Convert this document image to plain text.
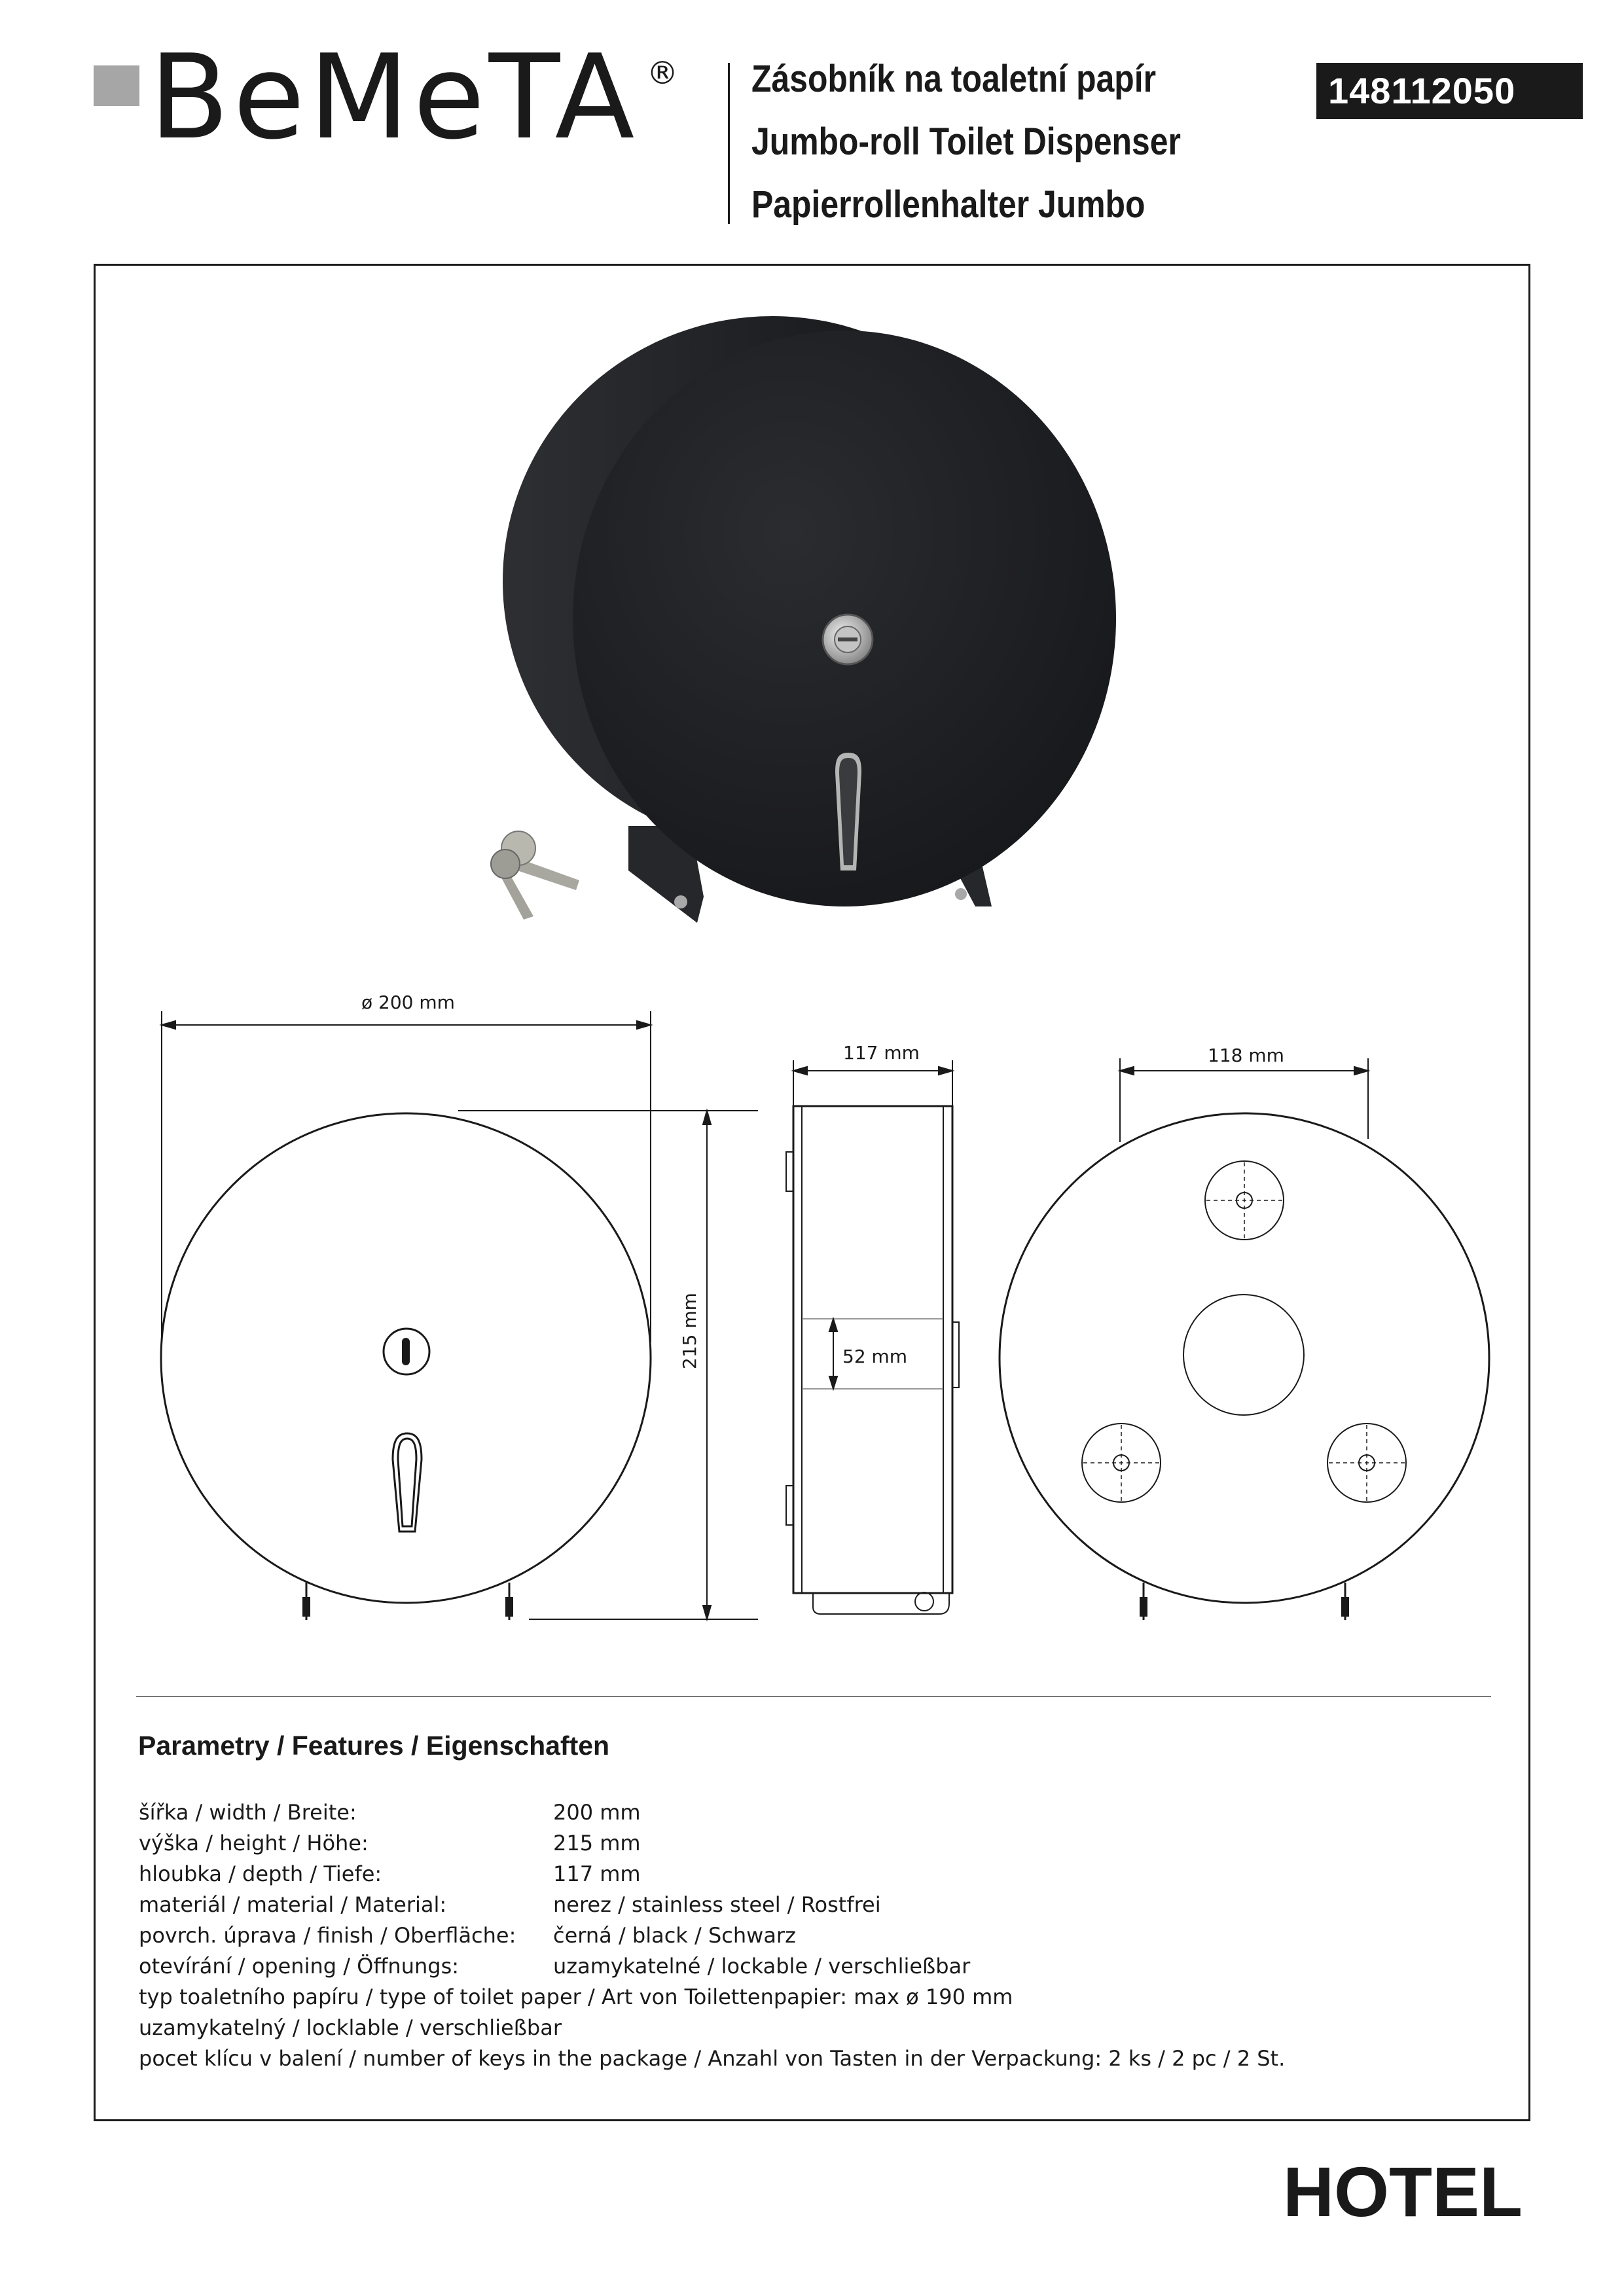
BeMeTA ® Zásobník na toaletní papír
Jumbo-roll Toilet Dispenser
Papierrollenhalter Jumbo
148112050
ø 200 mm
215 mm
117 mm
52 mm
118 mm
Parametry / Features / Eigenschaften
šířka / width / Breite:	200 mm
výška / height / Höhe:	215 mm
hloubka / depth / Tiefe:	117 mm
materiál / material / Material:	nerez / stainless steel / Rostfrei
povrch. úprava / finish / Oberfläche: černá / black / Schwarz
otevírání / opening / Öffnungs:	uzamykatelné / lockable / verschließbar
typ toaletního papíru / type of toilet paper / Art von Toilettenpapier: max ø 190 mm
uzamykatelný / locklable / verschließbar
pocet klícu v balení / number of keys in the package / Anzahl von Tasten in der Verpackung: 2 ks / 2 pc / 2 St.
HOTEL
